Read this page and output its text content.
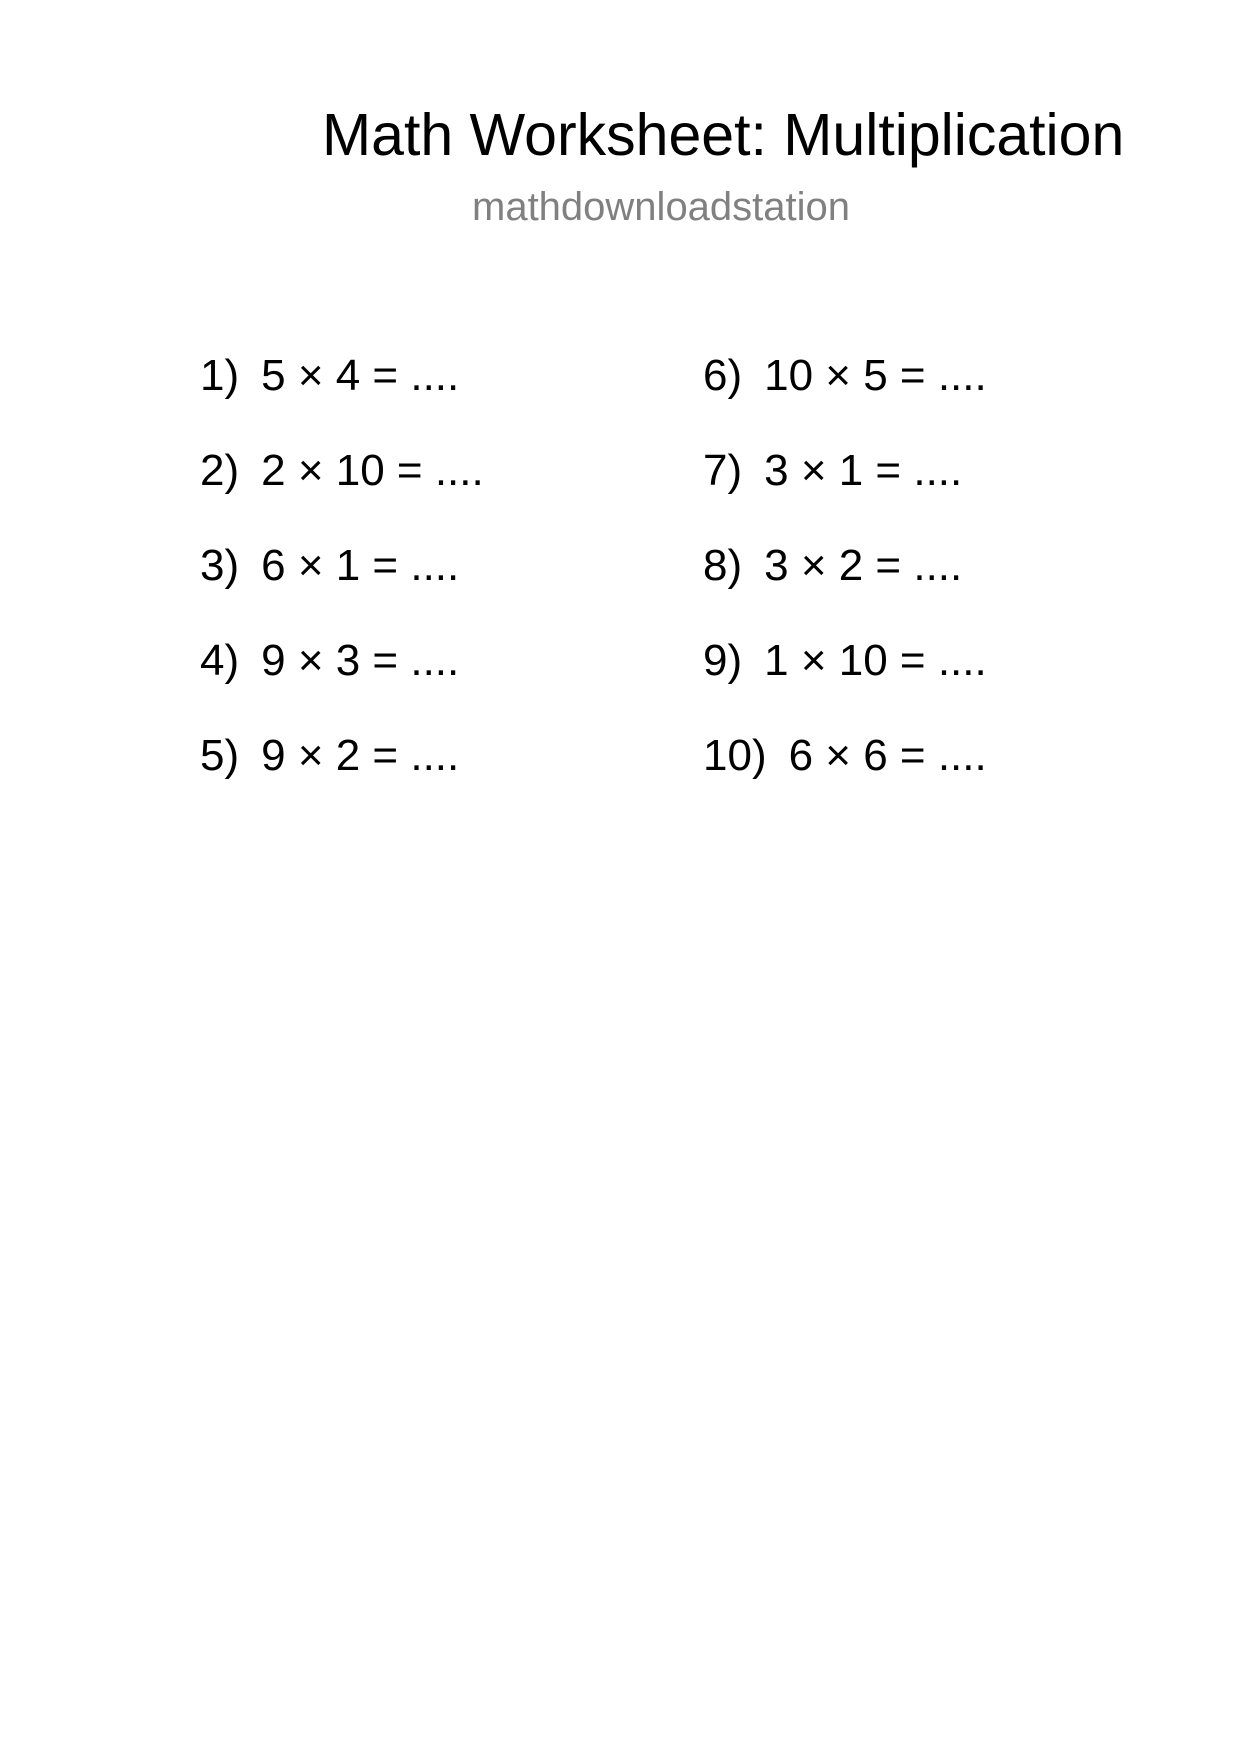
Math Worksheet: Multiplication
mathdownloadstation
1) 5 × 4 = ....
2) 2 × 10 = ....
3) 6 × 1 = ....
4) 9 × 3 = ....
5) 9 × 2 = ....
6) 10 × 5 = ....
7) 3 × 1 = ....
8) 3 × 2 = ....
9) 1 × 10 = ....
10) 6 × 6 = ....
